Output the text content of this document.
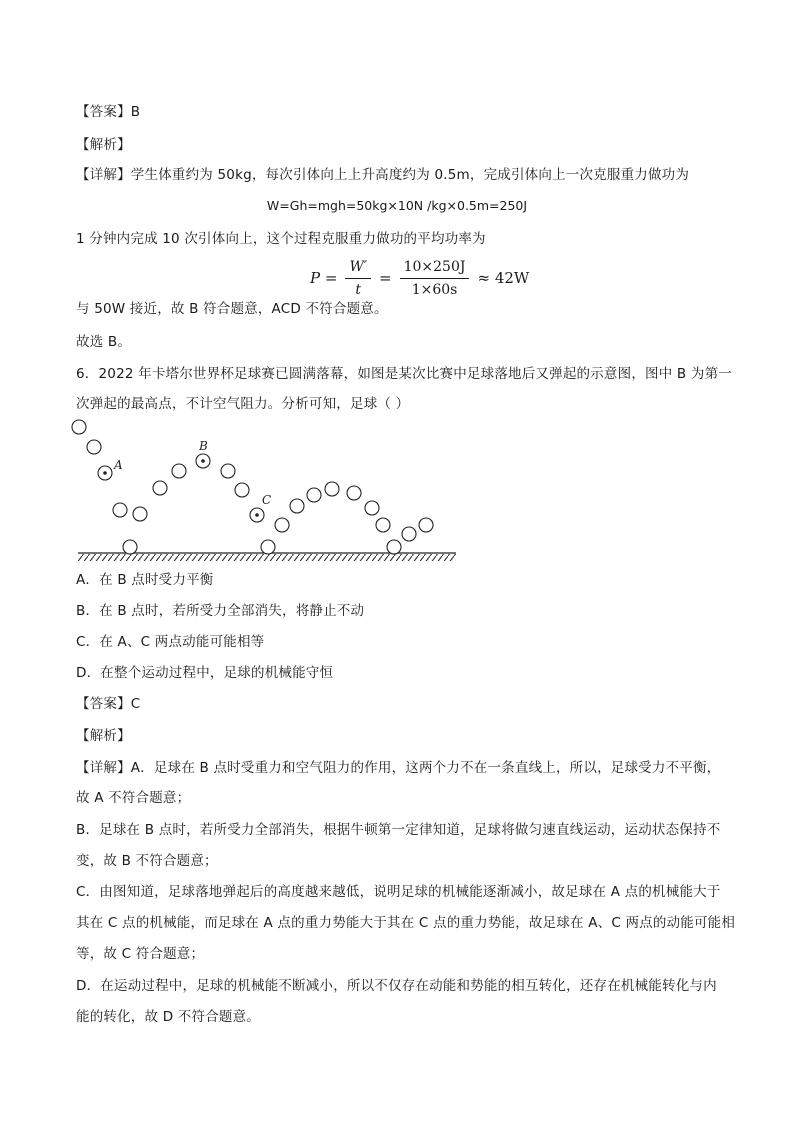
【答案】B
【解析】
【详解】学生体重约为 50kg，每次引体向上上升高度约为 0.5m，完成引体向上一次克服重力做功为
W=Gh=mgh=50kg×10N /kg×0.5m=250J
1 分钟内完成 10 次引体向上，这个过程克服重力做功的平均功率为
$P = \frac{W'}{t} = \frac{10\times 250J}{1\times 60s} \approx 42W$
与 50W 接近，故 B 符合题意，ACD 不符合题意。
故选 B。
6．2022 年卡塔尔世界杯足球赛已圆满落幕，如图是某次比赛中足球落地后又弹起的示意图，图中 B 为第一
次弹起的最高点，不计空气阻力。分析可知，足球（ ）
A
B
C
A．在 B 点时受力平衡
B．在 B 点时，若所受力全部消失，将静止不动
C．在 A、C 两点动能可能相等
D．在整个运动过程中，足球的机械能守恒
【答案】C
【解析】
【详解】A．足球在 B 点时受重力和空气阻力的作用，这两个力不在一条直线上，所以，足球受力不平衡，
故 A 不符合题意；
B．足球在 B 点时，若所受力全部消失，根据牛顿第一定律知道，足球将做匀速直线运动，运动状态保持不
变，故 B 不符合题意；
C．由图知道，足球落地弹起后的高度越来越低，说明足球的机械能逐渐减小，故足球在 A 点的机械能大于
其在 C 点的机械能，而足球在 A 点的重力势能大于其在 C 点的重力势能，故足球在 A、C 两点的动能可能相
等，故 C 符合题意；
D．在运动过程中，足球的机械能不断减小，所以不仅存在动能和势能的相互转化，还存在机械能转化与内
能的转化，故 D 不符合题意。
